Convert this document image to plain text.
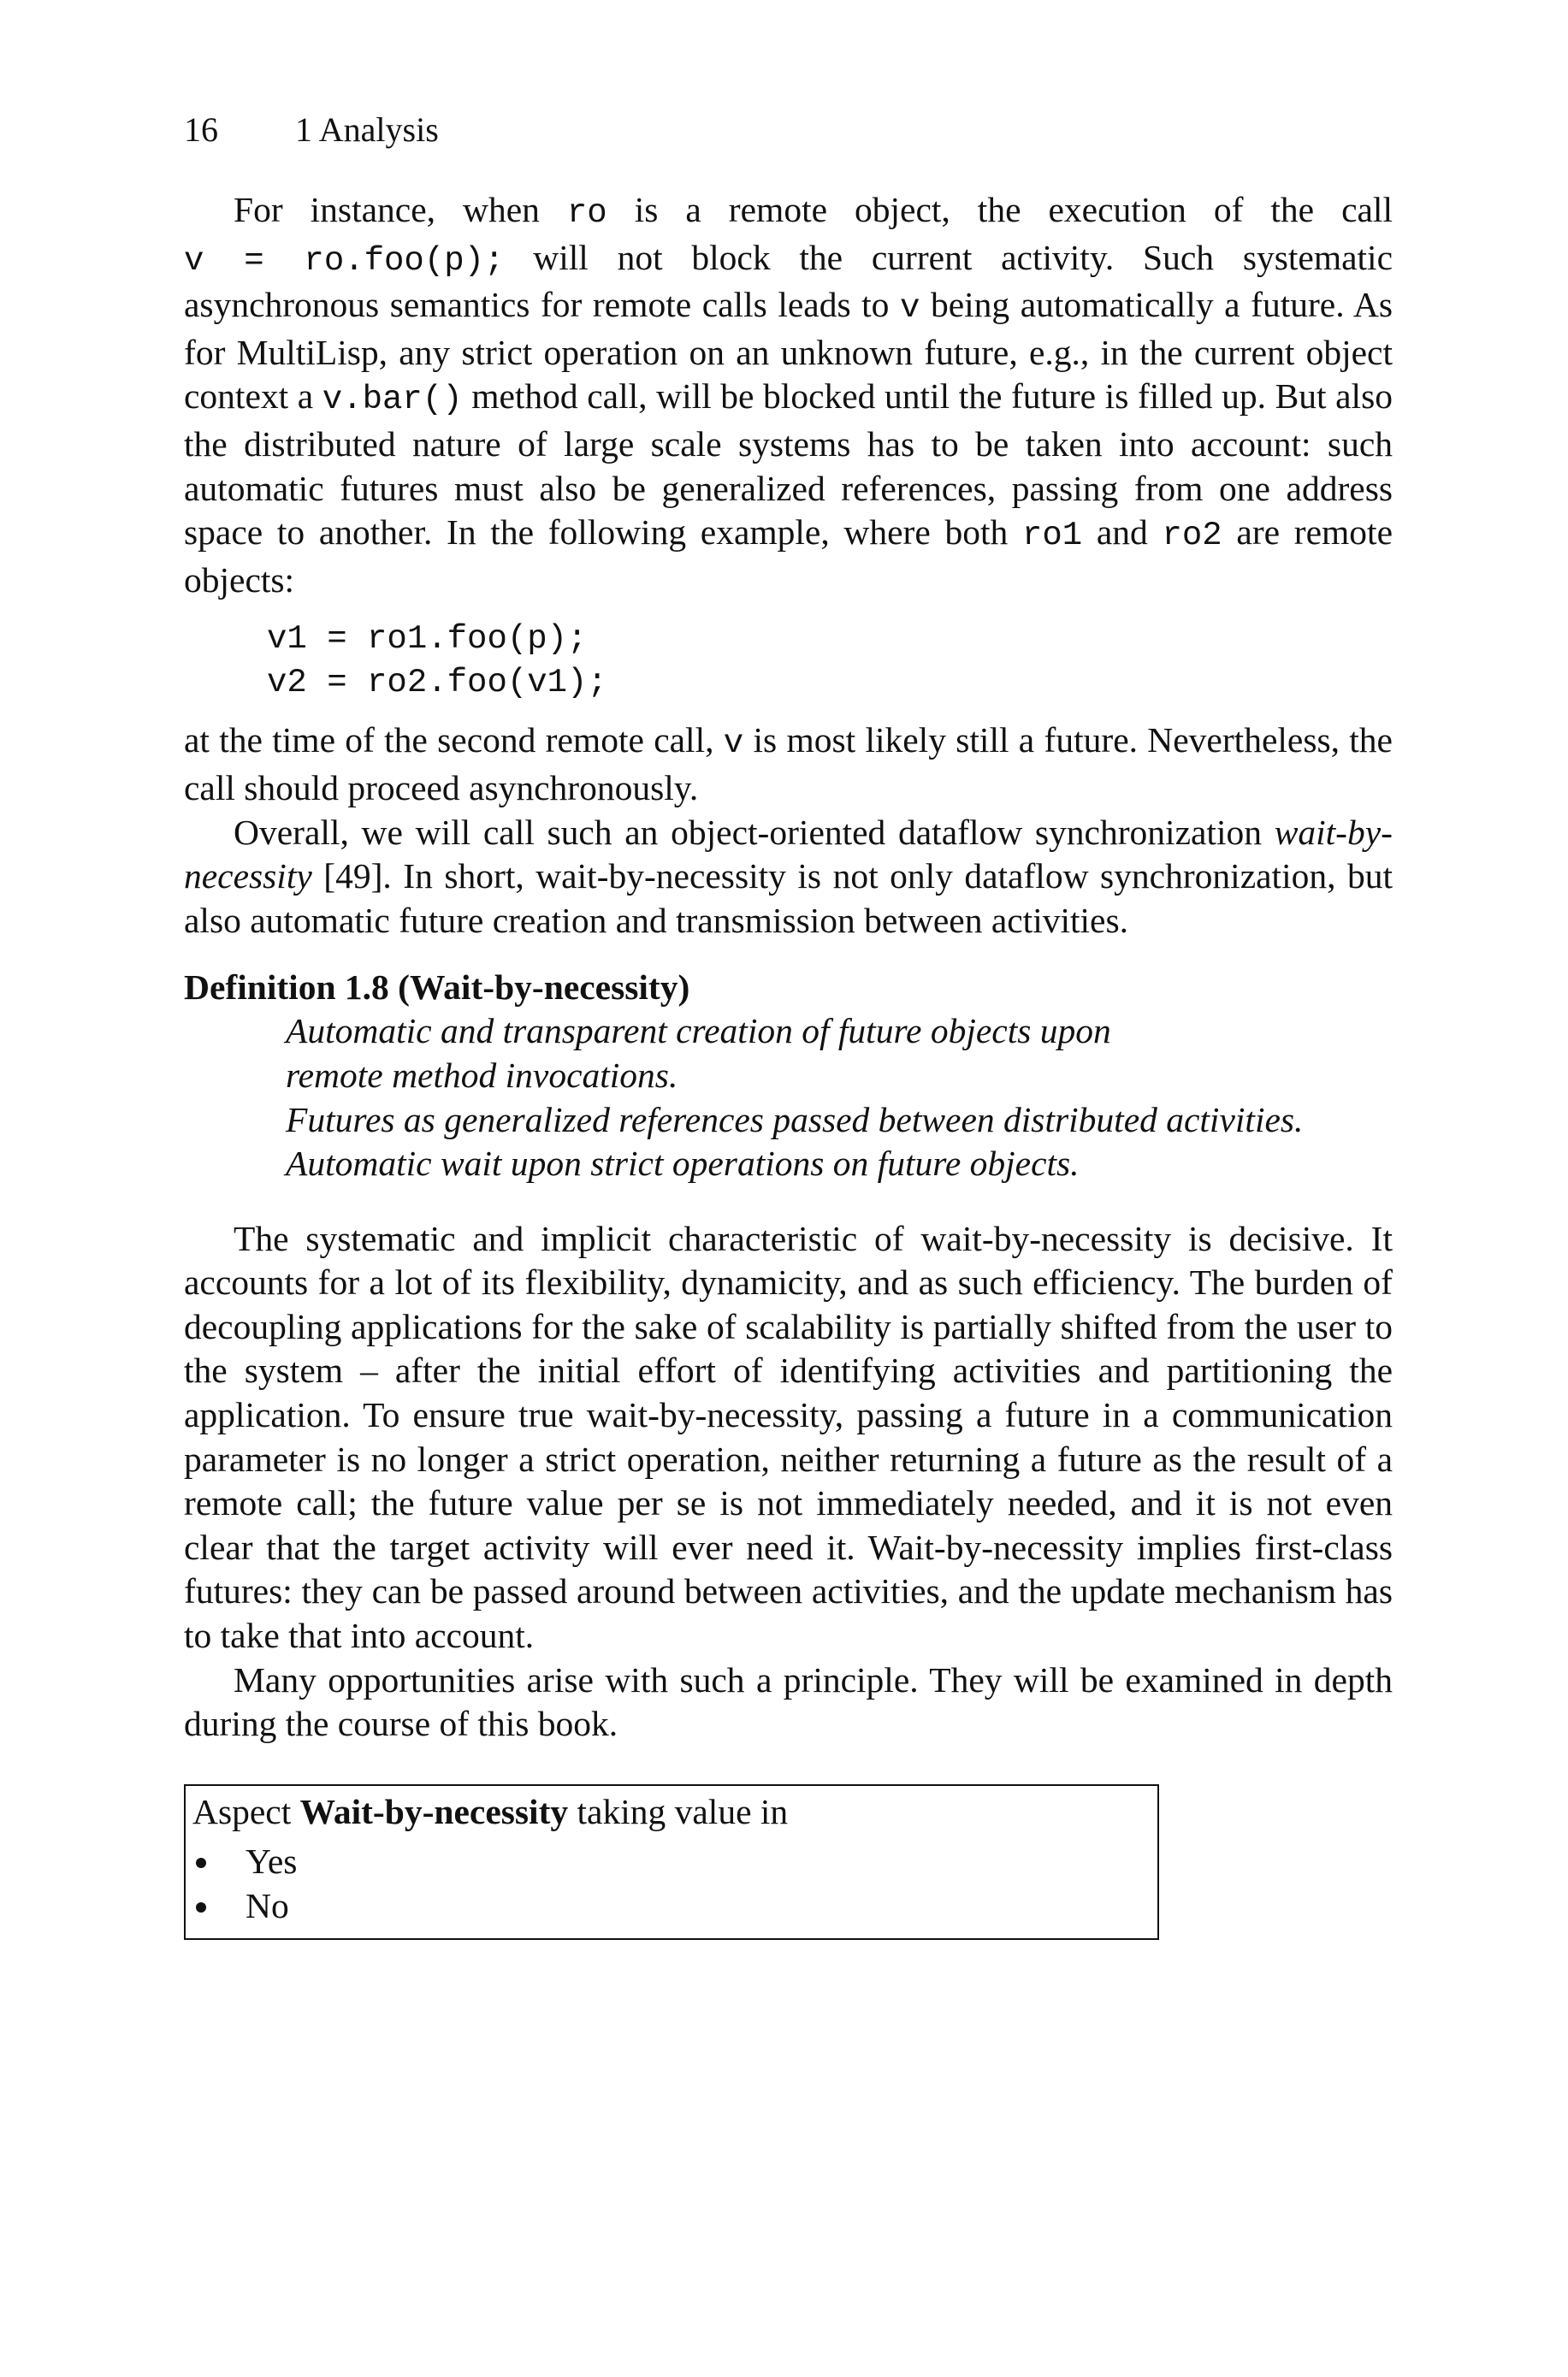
16 1 Analysis

For instance, when ro is a remote object, the execution of the call v = ro.foo(p); will not block the current activity. Such systematic asynchronous semantics for remote calls leads to v being automatically a future. As for MultiLisp, any strict operation on an unknown future, e.g., in the current object context a v.bar() method call, will be blocked until the future is filled up. But also the distributed nature of large scale systems has to be taken into account: such automatic futures must also be generalized references, passing from one address space to another. In the following example, where both ro1 and ro2 are remote objects:

v1 = ro1.foo(p);
v2 = ro2.foo(v1);

at the time of the second remote call, v is most likely still a future. Nevertheless, the call should proceed asynchronously.

Overall, we will call such an object-oriented dataflow synchronization wait-by-necessity [49]. In short, wait-by-necessity is not only dataflow synchronization, but also automatic future creation and transmission between activities.

Definition 1.8 (Wait-by-necessity)
Automatic and transparent creation of future objects upon
remote method invocations.
Futures as generalized references passed between distributed activities.
Automatic wait upon strict operations on future objects.

The systematic and implicit characteristic of wait-by-necessity is decisive. It accounts for a lot of its flexibility, dynamicity, and as such efficiency. The burden of decoupling applications for the sake of scalability is partially shifted from the user to the system – after the initial effort of identifying activities and partitioning the application. To ensure true wait-by-necessity, passing a future in a communication parameter is no longer a strict operation, neither returning a future as the result of a remote call; the future value per se is not immediately needed, and it is not even clear that the target activity will ever need it. Wait-by-necessity implies first-class futures: they can be passed around between activities, and the update mechanism has to take that into account.

Many opportunities arise with such a principle. They will be examined in depth during the course of this book.

Aspect Wait-by-necessity taking value in
Yes
No
